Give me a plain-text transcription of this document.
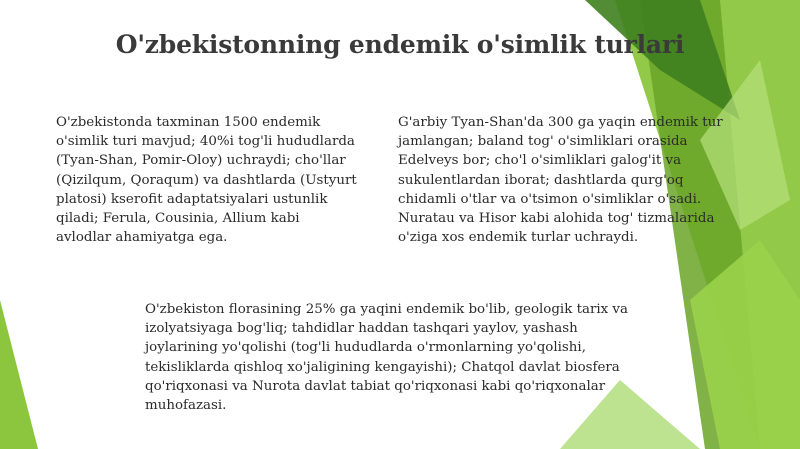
O'zbekistonning endemik o'simlik turlari
O'zbekistonda taxminan 1500 endemik
o'simlik turi mavjud; 40%i tog'li hududlarda
(Tyan-Shan, Pomir-Oloy) uchraydi; cho'llar
(Qizilqum, Qoraqum) va dashtlarda (Ustyurt
platosi) kserofit adaptatsiyalari ustunlik
qiladi; Ferula, Cousinia, Allium kabi
avlodlar ahamiyatga ega.
G'arbiy Tyan-Shan'da 300 ga yaqin endemik tur
jamlangan; baland tog' o'simliklari orasida
Edelveys bor; cho'l o'simliklari galog'it va
sukulentlardan iborat; dashtlarda qurg'oq
chidamli o'tlar va o'tsimon o'simliklar o'sadi.
Nuratau va Hisor kabi alohida tog' tizmalarida
o'ziga xos endemik turlar uchraydi.
O'zbekiston florasining 25% ga yaqini endemik bo'lib, geologik tarix va
izolyatsiyaga bog'liq; tahdidlar haddan tashqari yaylov, yashash
joylarining yo'qolishi (tog'li hududlarda o'rmonlarning yo'qolishi,
tekisliklarda qishloq xo'jaligining kengayishi); Chatqol davlat biosfera
qo'riqxonasi va Nurota davlat tabiat qo'riqxonasi kabi qo'riqxonalar
muhofazasi.
